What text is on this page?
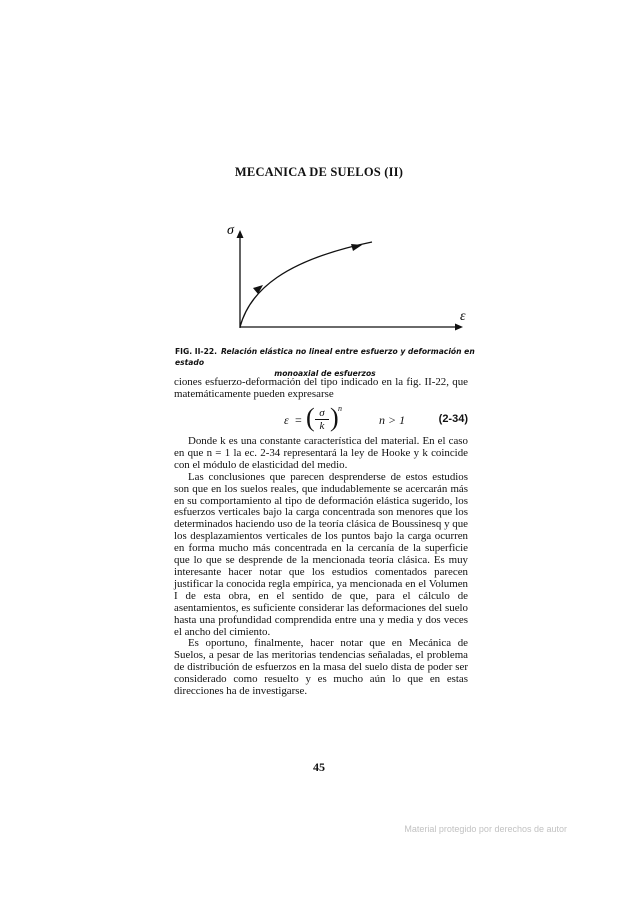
MECANICA DE SUELOS (II)
σ
ε
FIG. II-22. Relación elástica no lineal entre esfuerzo y deformación en estado
monoaxial de esfuerzos

ciones esfuerzo-deformación del tipo indicado en la fig. II-22, que matemáticamente pueden expresarse

ε = ( $\frac{\sigma}{k}$ ) n
n > 1	(2-34)

Donde k es una constante característica del material. En el caso en que n = 1 la ec. 2-34 representará la ley de Hooke y k coincide con el módulo de elasticidad del medio.

Las conclusiones que parecen desprenderse de estos estudios son que en los suelos reales, que indudablemente se acercarán más en su comportamiento al tipo de deformación elástica sugerido, los esfuerzos verticales bajo la carga concentrada son menores que los determinados haciendo uso de la teoría clásica de Boussinesq y que los desplazamientos verticales de los puntos bajo la carga ocurren en forma mucho más concentrada en la cercanía de la superficie que lo que se desprende de la mencionada teoría clásica. Es muy interesante hacer notar que los estudios comentados parecen justificar la conocida regla empírica, ya mencionada en el Volumen I de esta obra, en el sentido de que, para el cálculo de asentamientos, es suficiente considerar las deformaciones del suelo hasta una profundidad comprendida entre una y media y dos veces el ancho del cimiento.

Es oportuno, finalmente, hacer notar que en Mecánica de Suelos, a pesar de las meritorias tendencias señaladas, el problema de distribución de esfuerzos en la masa del suelo dista de poder ser considerado como resuelto y es mucho aún lo que en estas direcciones ha de investigarse.

45
Material protegido por derechos de autor
